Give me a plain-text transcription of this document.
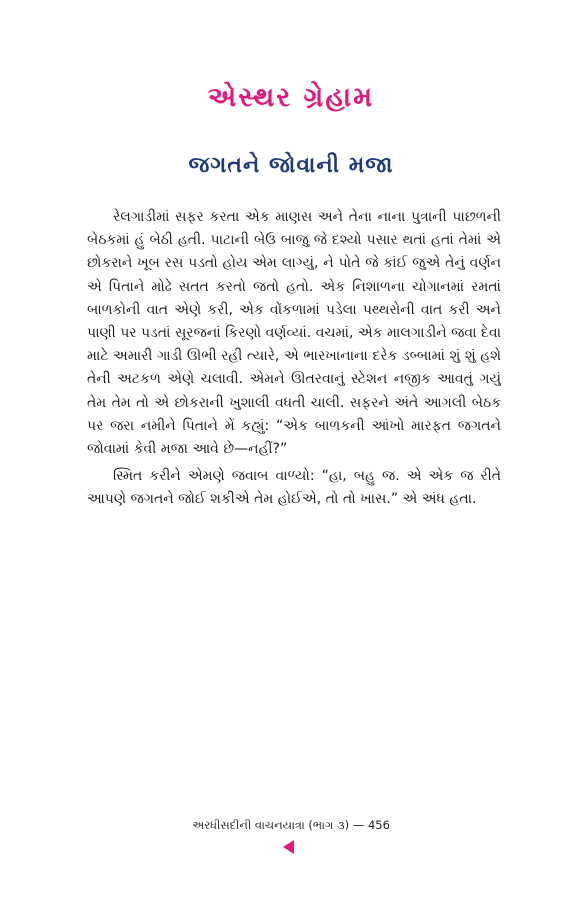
એસ્થર ગ્રેહામ
જગતને જોવાની મજા

રેલગાડીમાં સફર કરતા એક માણસ અને તેના નાના પુત્રાની પાછળની બેઠકમાં હું બેઠી હતી. પાટાની બેઉ બાજુ જે દશ્યો પસાર થતાં હતાં તેમાં એ છોકરાને ખૂબ રસ પડતો હોય એમ લાગ્યું, ને પોતે જે કાંઈ જુએ તેનું વર્ણન એ પિતાને મોઢે સતત કરતો જતો હતો. એક નિશાળના ચોગાનમાં રમતાં બાળકોની વાત એણે કરી, એક વોંકળામાં પડેલા પથ્થરોની વાત કરી અને પાણી પર પડતાં સૂરજનાં કિરણો વર્ણવ્યાં. વચમાં, એક માલગાડીને જવા દેવા માટે અમારી ગાડી ઊભી રહી ત્યારે, એ ભારખાનાના દરેક ડબ્બામાં શું શું હશે તેની અટકળ એણે ચલાવી. એમને ઊતરવાનું સ્ટેશન નજીક આવતું ગયું તેમ તેમ તો એ છોકરાની ખુશાલી વધતી ચાલી. સફરને અંતે આગલી બેઠક પર જરા નમીને પિતાને મેં કહ્યું: “એક બાળકની આંખો મારફત જગતને જોવામાં કેવી મજા આવે છે—નહીં?”

સ્મિત કરીને એમણે જવાબ વાળ્યો: “હા, બહુ જ. એ એક જ રીતે આપણે જગતને જોઈ શકીએ તેમ હોઈએ, તો તો ખાસ.” એ અંધ હતા.

અરધીસદીની વાચનયાત્રા (ભાગ ૩) — 456
